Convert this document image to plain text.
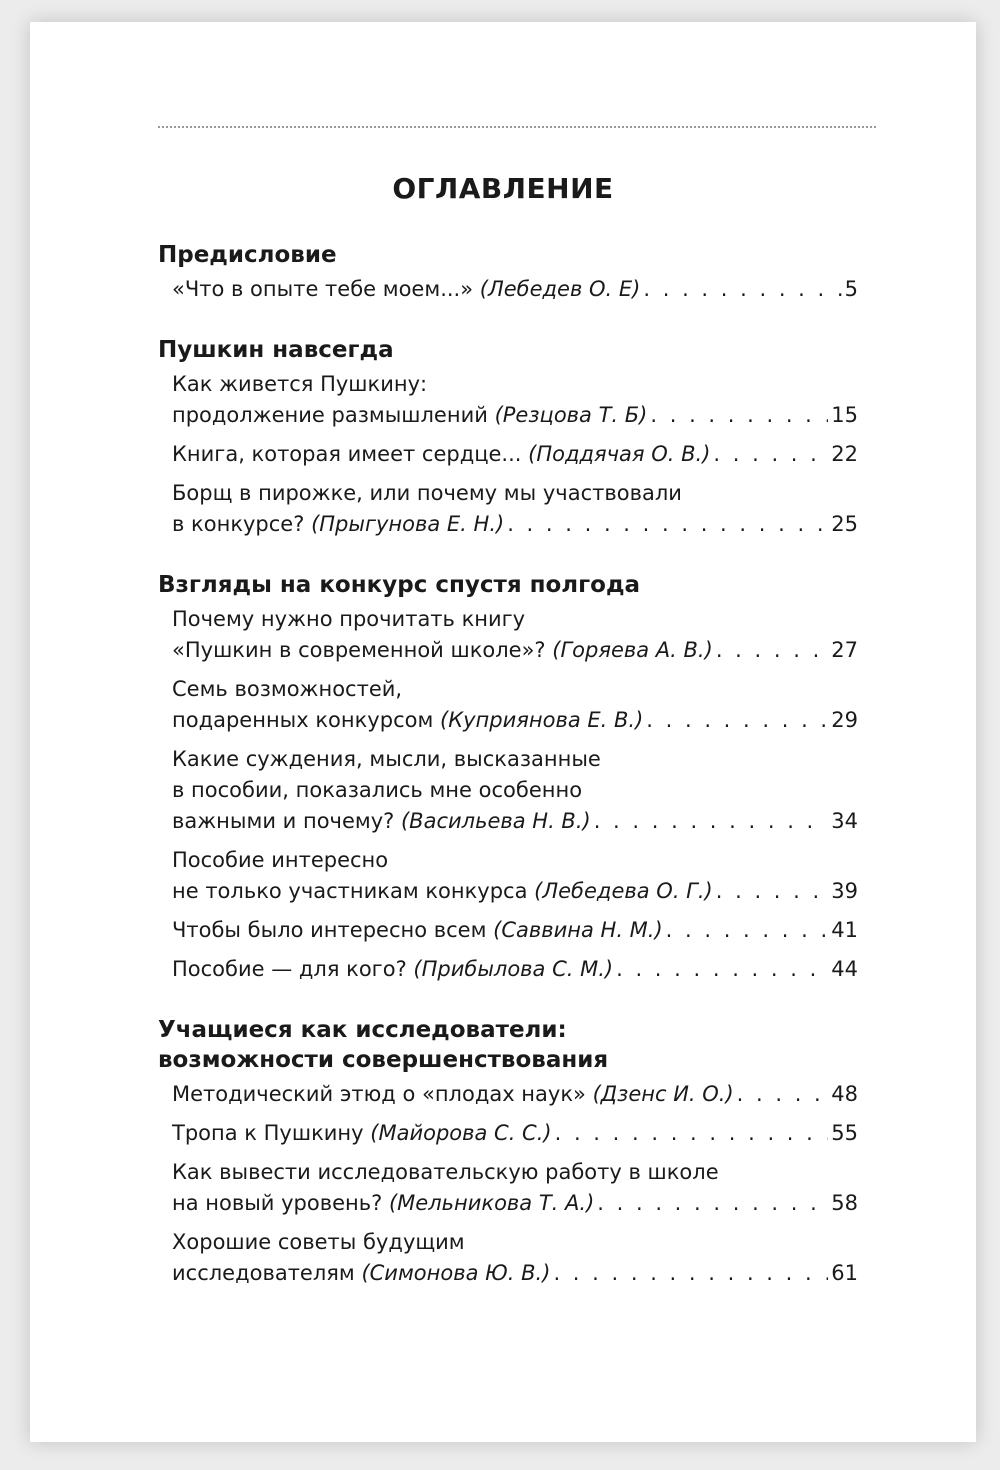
ОГЛАВЛЕНИЕ
Предисловие
«Что в опыте тебе моем...» (Лебедев О. Е) . . .	5
Пушкин навсегда
Как живется Пушкину:
продолжение размышлений (Резцова Т. Б) . . .	15
Книга, которая имеет сердце... (Поддячая О. В.) . . .	22
Борщ в пирожке, или почему мы участвовали
в конкурсе? (Прыгунова Е. Н.) . . .	25
Взгляды на конкурс спустя полгода
Почему нужно прочитать книгу
«Пушкин в современной школе»? (Горяева А. В.) . . .	27
Семь возможностей,
подаренных конкурсом (Куприянова Е. В.) . . .	29
Какие суждения, мысли, высказанные
в пособии, показались мне особенно
важными и почему? (Васильева Н. В.) . . .	34
Пособие интересно
не только участникам конкурса (Лебедева О. Г.) . . .	39
Чтобы было интересно всем (Саввина Н. М.) . . .	41
Пособие — для кого? (Прибылова С. М.) . . .	44
Учащиеся как исследователи:
возможности совершенствования
Методический этюд о «плодах наук» (Дзенс И. О.) . . .	48
Тропа к Пушкину (Майорова С. С.) . . .	55
Как вывести исследовательскую работу в школе
на новый уровень? (Мельникова Т. А.) . . .	58
Хорошие советы будущим
исследователям (Симонова Ю. В.) . . .	61
